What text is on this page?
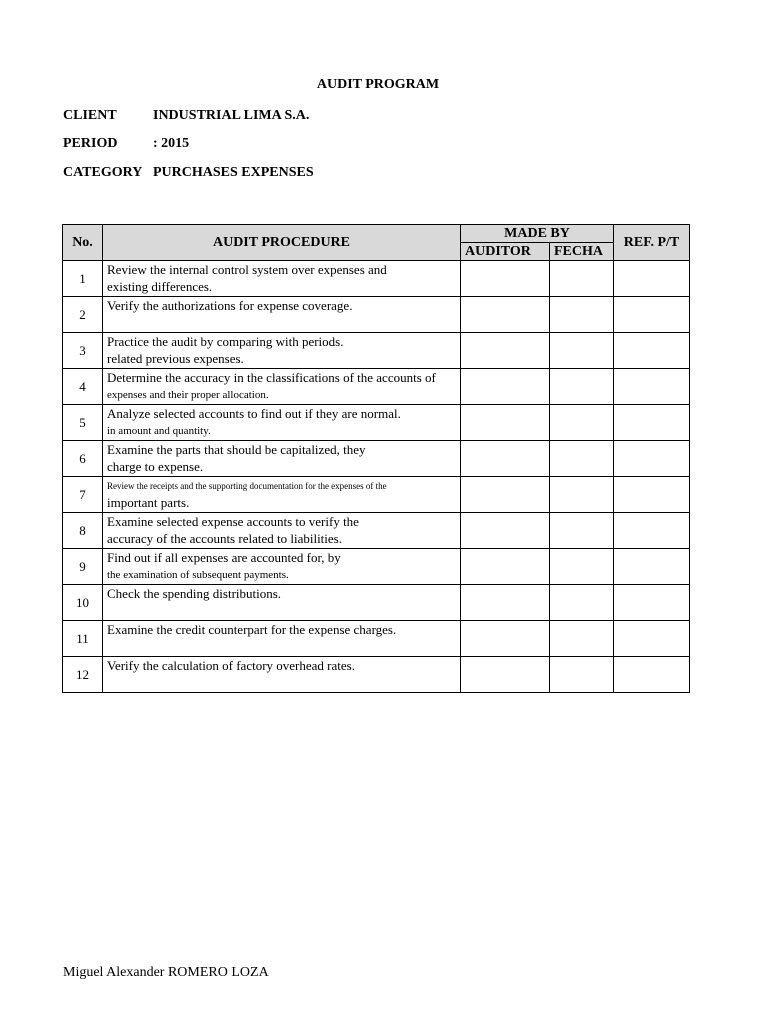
AUDIT PROGRAM
CLIENT	INDUSTRIAL LIMA S.A.
PERIOD	: 2015
CATEGORY PURCHASES EXPENSES
No.	AUDIT PROCEDURE	MADE BY		REF. P/T
		AUDITOR	FECHA	
1	Review the internal control system over expenses and
existing differences.			

2	Verify the authorizations for expense coverage.			

3	Practice the audit by comparing with periods.
related previous expenses.			

4	Determine the accuracy in the classifications of the accounts of
expenses and their proper allocation.			

5	Analyze selected accounts to find out if they are normal.
in amount and quantity.			

6	Examine the parts that should be capitalized, they
charge to expense.			

7	Review the receipts and the supporting documentation for the expenses of the
important parts.			

8	Examine selected expense accounts to verify the
accuracy of the accounts related to liabilities.			

9	Find out if all expenses are accounted for, by
the examination of subsequent payments.			

10	Check the spending distributions.			

11	Examine the credit counterpart for the expense charges.			

12	Verify the calculation of factory overhead rates.			

Miguel Alexander ROMERO LOZA
